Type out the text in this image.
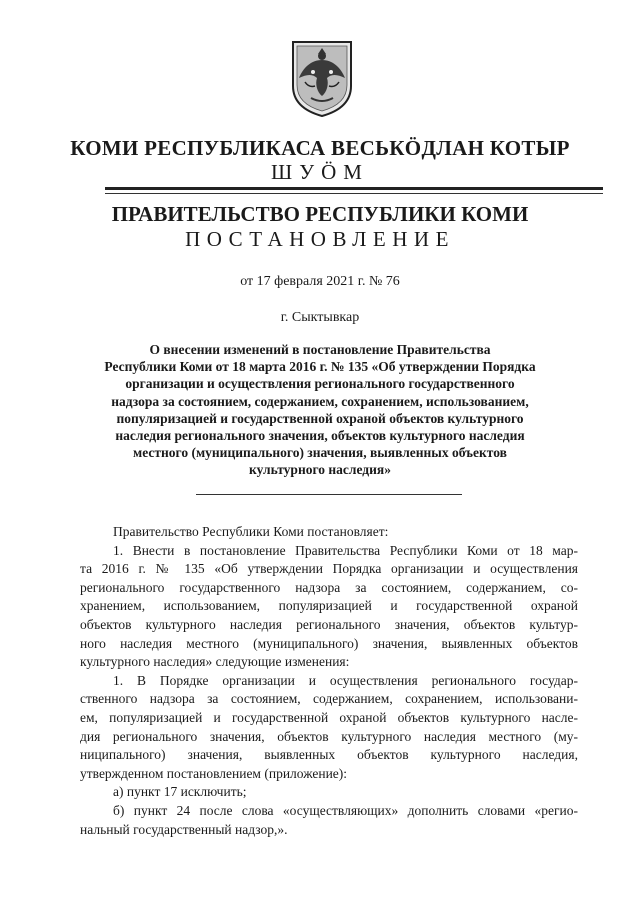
КОМИ РЕСПУБЛИКАСА ВЕСЬКӦДЛАН КОТЫР
ШУӦМ
ПРАВИТЕЛЬСТВО РЕСПУБЛИКИ КОМИ
ПОСТАНОВЛЕНИЕ
от 17 февраля 2021 г. № 76
г. Сыктывкар
О внесении изменений в постановление Правительства
Республики Коми от 18 марта 2016 г. № 135 «Об утверждении Порядка
организации и осуществления регионального государственного
надзора за состоянием, содержанием, сохранением, использованием,
популяризацией и государственной охраной объектов культурного
наследия регионального значения, объектов культурного наследия
местного (муниципального) значения, выявленных объектов
культурного наследия»
Правительство Республики Коми постановляет:
1. Внести в постановление Правительства Республики Коми от 18 мар-
та 2016 г. № 135 «Об утверждении Порядка организации и осуществления
регионального государственного надзора за состоянием, содержанием, со-
хранением, использованием, популяризацией и государственной охраной
объектов культурного наследия регионального значения, объектов культур-
ного наследия местного (муниципального) значения, выявленных объектов
культурного наследия» следующие изменения:
1. В Порядке организации и осуществления регионального государ-
ственного надзора за состоянием, содержанием, сохранением, использовани-
ем, популяризацией и государственной охраной объектов культурного насле-
дия регионального значения, объектов культурного наследия местного (му-
ниципального) значения, выявленных объектов культурного наследия,
утвержденном постановлением (приложение):
а) пункт 17 исключить;
б) пункт 24 после слова «осуществляющих» дополнить словами «регио-
нальный государственный надзор,».
